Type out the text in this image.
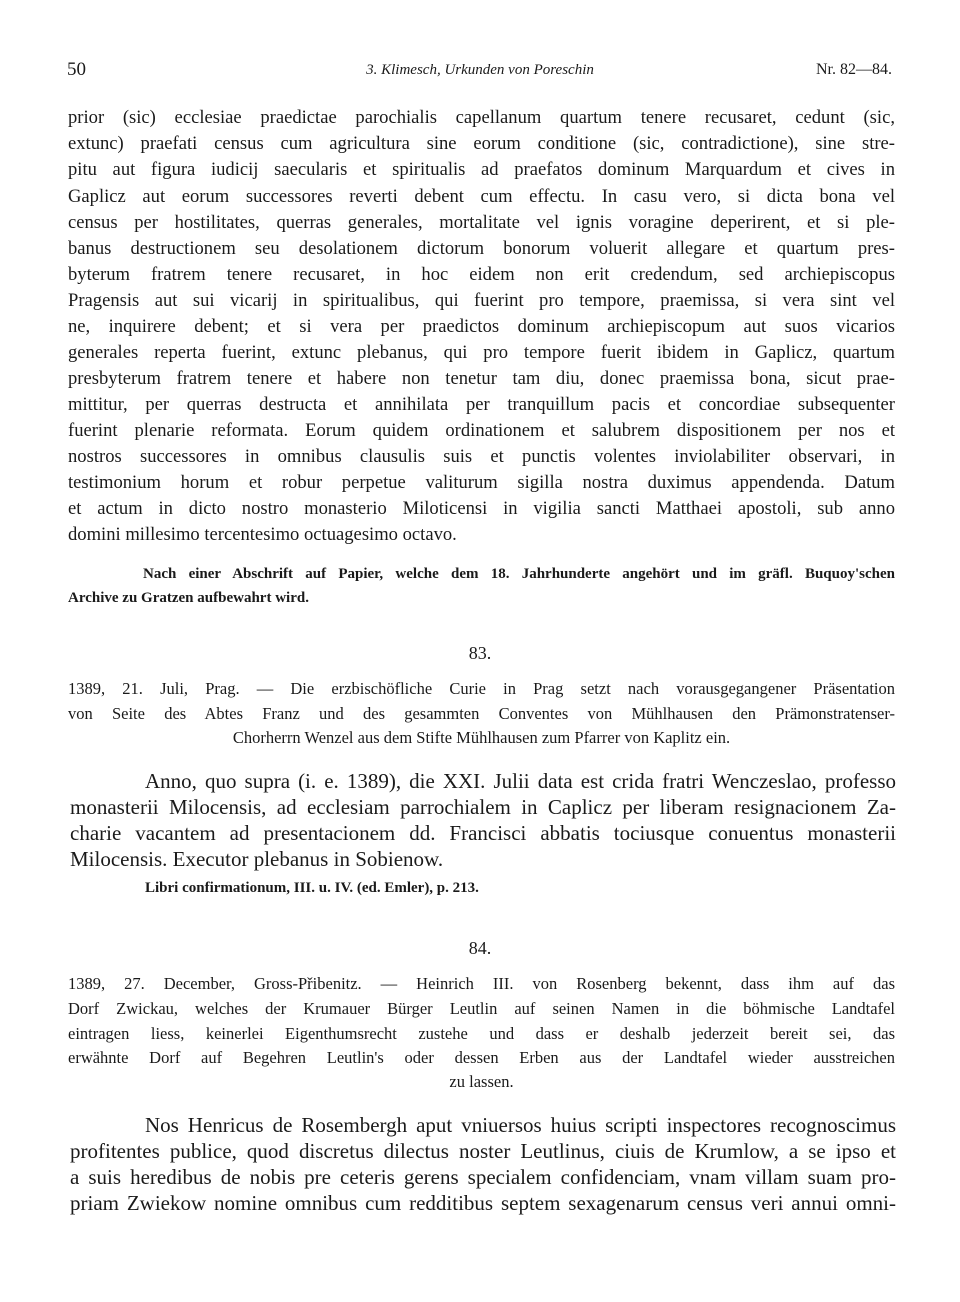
50	3. Klimesch, Urkunden von Poreschin	Nr. 82—84.
prior (sic) ecclesiae praedictae parochialis capellanum quartum tenere recusaret, cedunt (sic,
extunc) praefati census cum agricultura sine eorum conditione (sic, contradictione), sine stre-
pitu aut figura iudicij saecularis et spiritualis ad praefatos dominum Marquardum et cives in
Gaplicz aut eorum successores reverti debent cum effectu. In casu vero, si dicta bona vel
census per hostilitates, querras generales, mortalitate vel ignis voragine deperirent, et si ple-
banus destructionem seu desolationem dictorum bonorum voluerit allegare et quartum pres-
byterum fratrem tenere recusaret, in hoc eidem non erit credendum, sed archiepiscopus
Pragensis aut sui vicarij in spiritualibus, qui fuerint pro tempore, praemissa, si vera sint vel
ne, inquirere debent; et si vera per praedictos dominum archiepiscopum aut suos vicarios
generales reperta fuerint, extunc plebanus, qui pro tempore fuerit ibidem in Gaplicz, quartum
presbyterum fratrem tenere et habere non tenetur tam diu, donec praemissa bona, sicut prae-
mittitur, per querras destructa et annihilata per tranquillum pacis et concordiae subsequenter
fuerint plenarie reformata. Eorum quidem ordinationem et salubrem dispositionem per nos et
nostros successores in omnibus clausulis suis et punctis volentes inviolabiliter observari, in
testimonium horum et robur perpetue valiturum sigilla nostra duximus appendenda. Datum
et actum in dicto nostro monasterio Miloticensi in vigilia sancti Matthaei apostoli, sub anno
domini millesimo tercentesimo octuagesimo octavo.
Nach einer Abschrift auf Papier, welche dem 18. Jahrhunderte angehört und im gräfl. Buquoy'schen
Archive zu Gratzen aufbewahrt wird.
83.
1389, 21. Juli, Prag. — Die erzbischöfliche Curie in Prag setzt nach vorausgegangener Präsentation
von Seite des Abtes Franz und des gesammten Conventes von Mühlhausen den Prämonstratenser-
Chorherrn Wenzel aus dem Stifte Mühlhausen zum Pfarrer von Kaplitz ein.
Anno, quo supra (i. e. 1389), die XXI. Julii data est crida fratri Wenczeslao, professo
monasterii Milocensis, ad ecclesiam parrochialem in Caplicz per liberam resignacionem Za-
charie vacantem ad presentacionem dd. Francisci abbatis tociusque conuentus monasterii
Milocensis. Executor plebanus in Sobienow.
Libri confirmationum, III. u. IV. (ed. Emler), p. 213.
84.
1389, 27. December, Gross-Přibenitz. — Heinrich III. von Rosenberg bekennt, dass ihm auf das
Dorf Zwickau, welches der Krumauer Bürger Leutlin auf seinen Namen in die böhmische Landtafel
eintragen liess, keinerlei Eigenthumsrecht zustehe und dass er deshalb jederzeit bereit sei, das
erwähnte Dorf auf Begehren Leutlin's oder dessen Erben aus der Landtafel wieder ausstreichen
zu lassen.
Nos Henricus de Rosembergh aput vniuersos huius scripti inspectores recognoscimus
profitentes publice, quod discretus dilectus noster Leutlinus, ciuis de Krumlow, a se ipso et
a suis heredibus de nobis pre ceteris gerens specialem confidenciam, vnam villam suam pro-
priam Zwiekow nomine omnibus cum redditibus septem sexagenarum census veri annui omni-
